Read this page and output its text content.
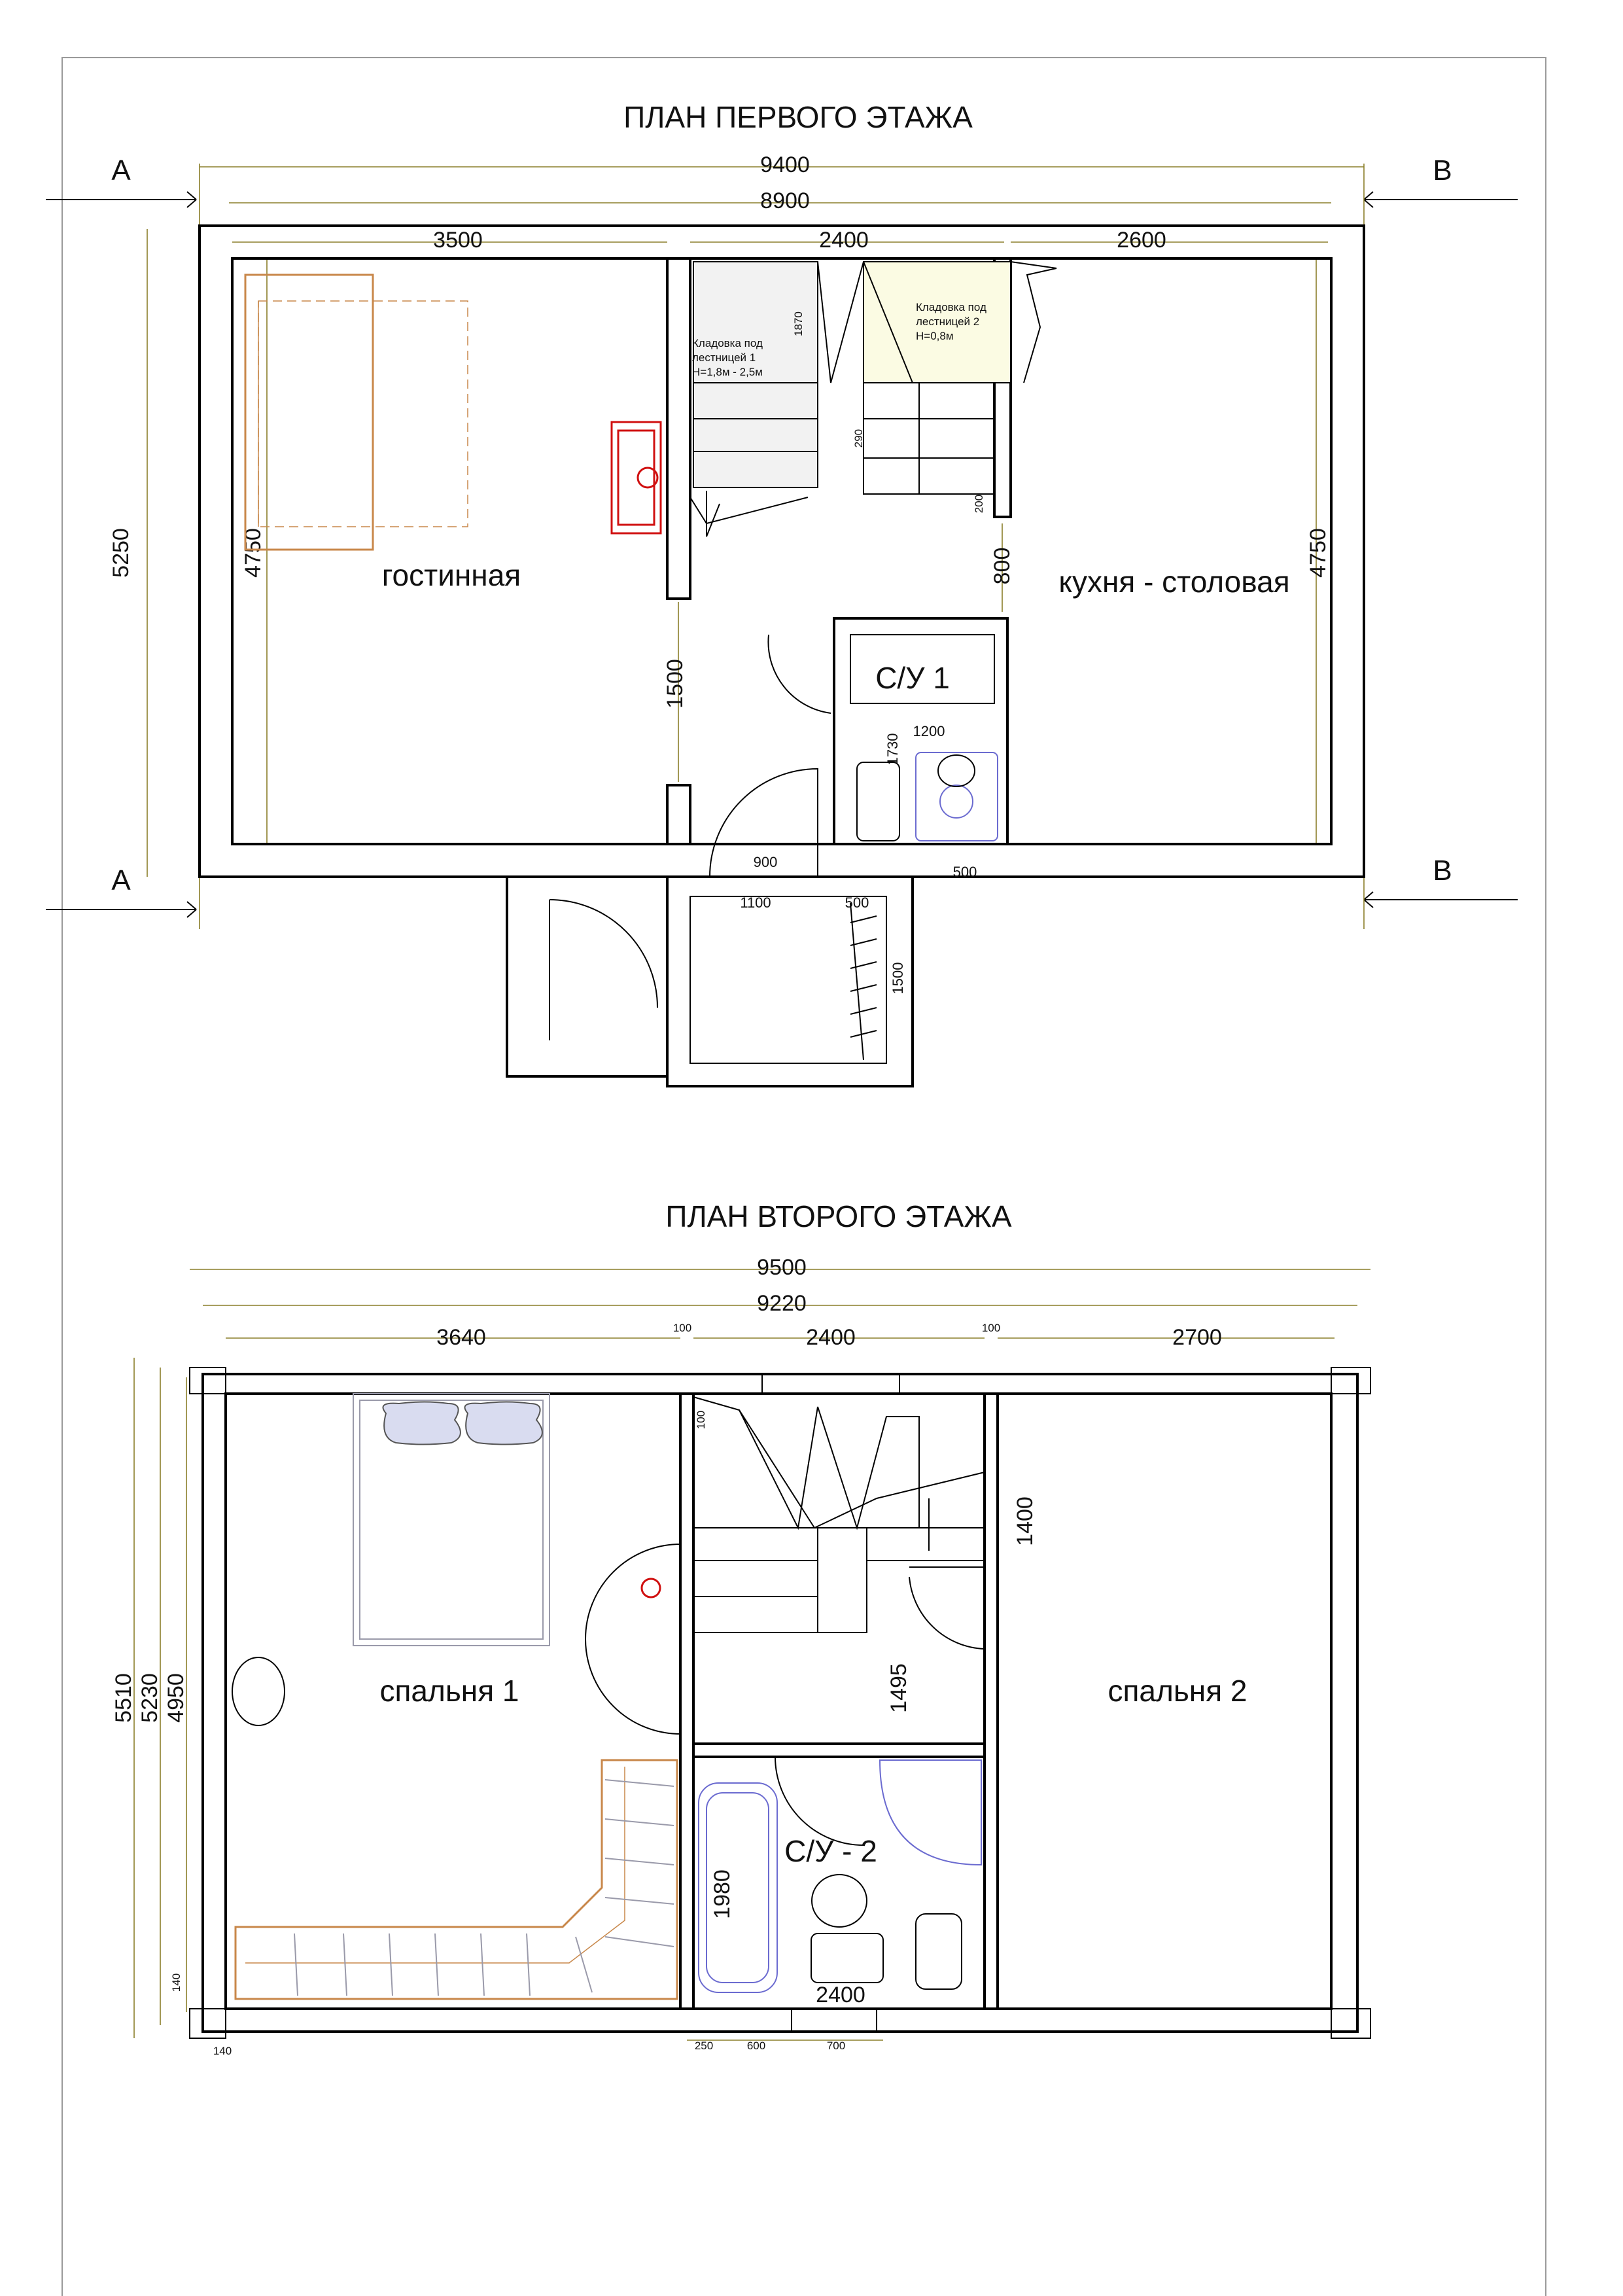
ПЛАН ПЕРВОГО ЭТАЖА
А	В
А	В
9400
8900
3500	2400	2600
5250	4750	4750
1500
800
1870
Кладовка под
лестницей 1
H=1,8м - 2,5м
Кладовка под
лестницей 2
H=0,8м
290
200
гостинная	кухня - столовая
С/У 1
1200
1730
500
900
1100	500
1500
ПЛАН ВТОРОГО ЭТАЖА
9500
9220
3640	100	2400	100	2700
5510 5230 4950
140
140
100
1400
1495
спальня 1	спальня 2
1980
С/У - 2
2400
250	600	700
